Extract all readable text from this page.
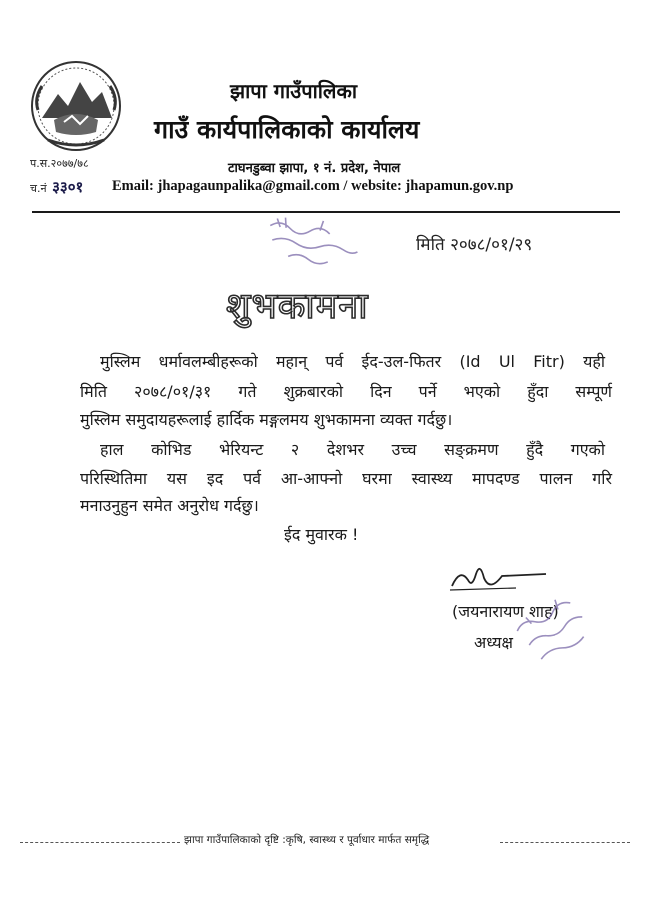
झापा गाउँपालिका
गाउँ कार्यपालिकाको कार्यालय
टाघनडुब्वा झापा, १ नं. प्रदेश, नेपाल
प.स.२०७७/७८
च.नं ३३०१ Email: jhapagaunpalika@gmail.com / website: jhapamun.gov.np
मिति २०७८/०१/२९
शुभकामना
मुस्लिम धर्मावलम्बीहरूको महान् पर्व ईद-उल-फितर (Id Ul Fitr) यही
मिति २०७८/०१/३१ गते शुक्रबारको दिन पर्ने भएको हुँदा सम्पूर्ण
मुस्लिम समुदायहरूलाई हार्दिक मङ्गलमय शुभकामना व्यक्त गर्दछु।
हाल कोभिड भेरियन्ट २ देशभर उच्च सङ्क्रमण हुँदै गएको
परिस्थितिमा यस इद पर्व आ-आफ्नो घरमा स्वास्थ्य मापदण्ड पालन गरि
मनाउनुहुन समेत अनुरोध गर्दछु।
ईद मुवारक !
(जयनारायण शाह)
अध्यक्ष
झापा गाउँपालिकाको दृष्टि :कृषि, स्वास्थ्य र पूर्वाधार मार्फत समृद्धि
